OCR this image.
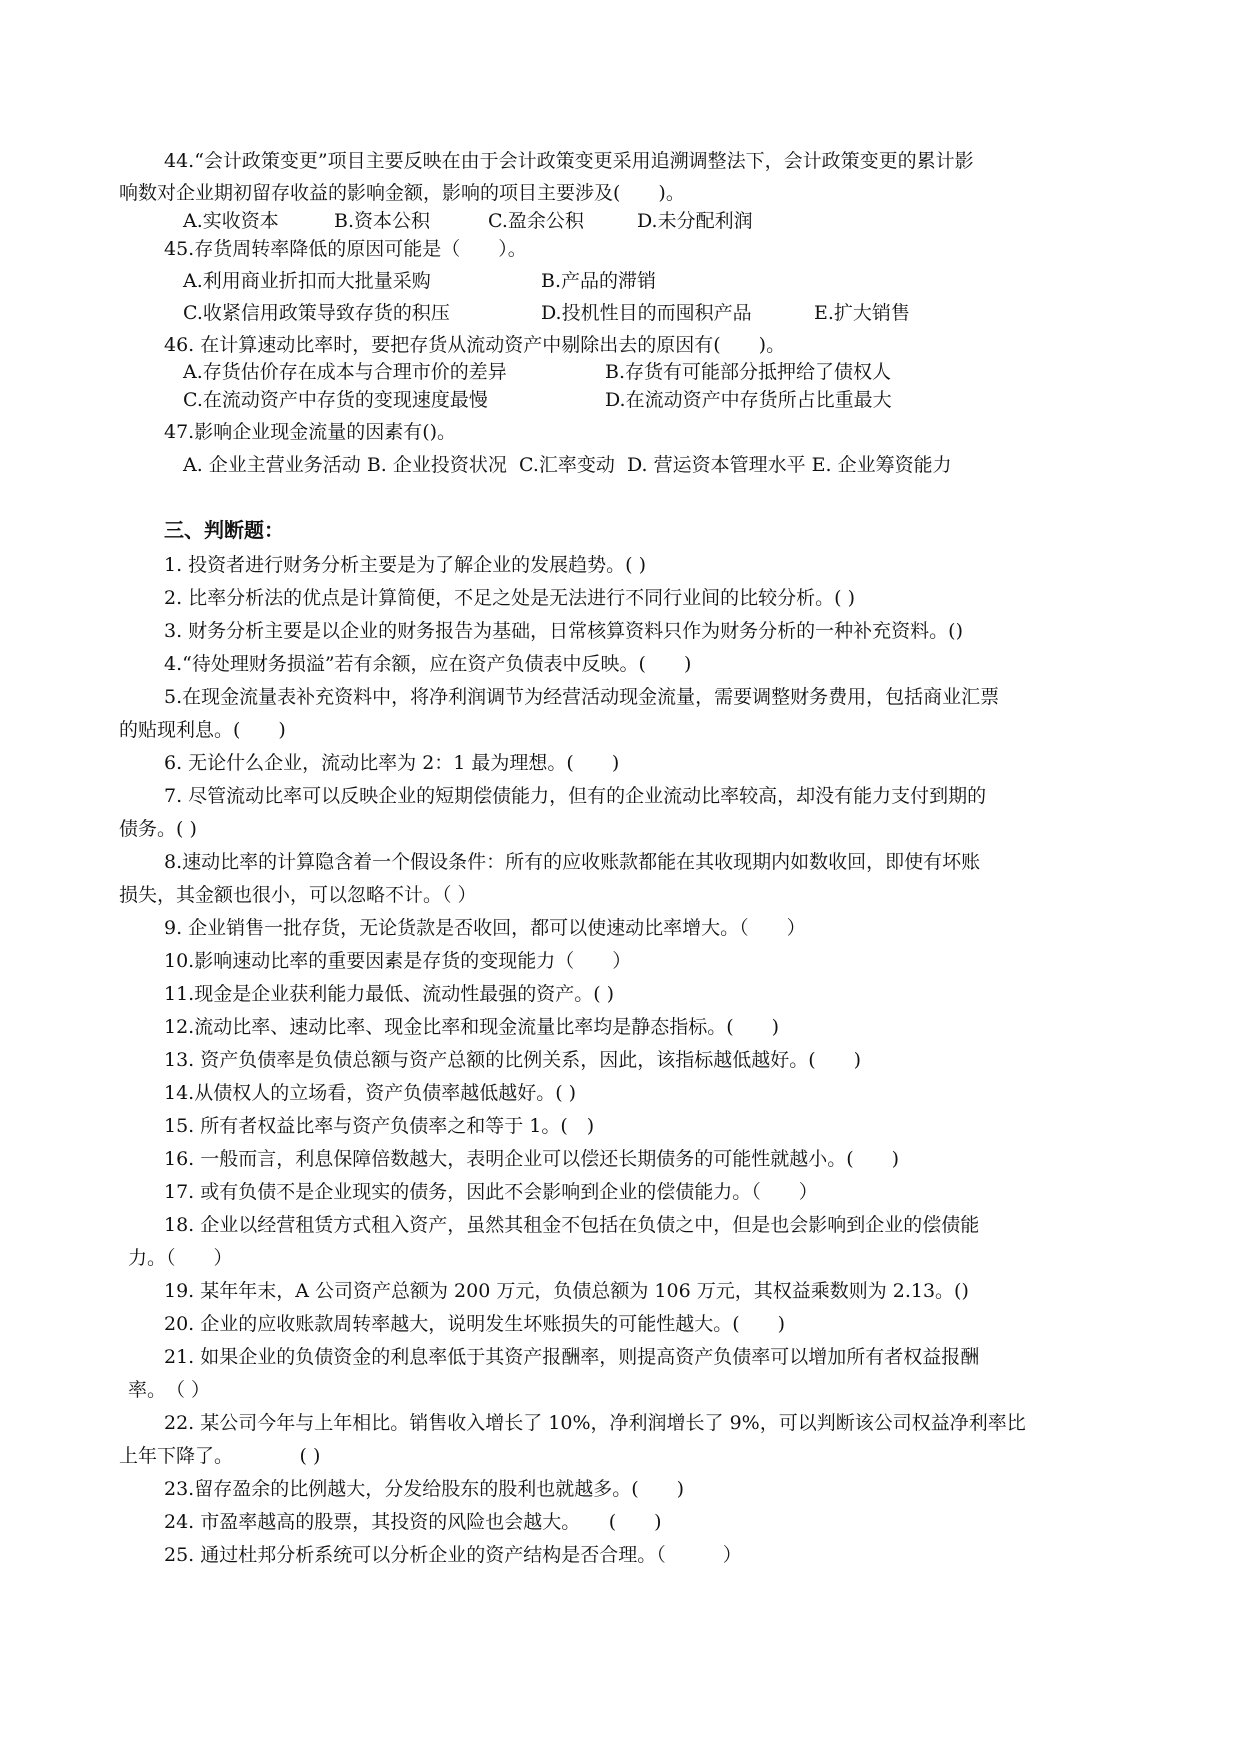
44.“会计政策变更”项目主要反映在由于会计政策变更采用追溯调整法下，会计政策变更的累计影
响数对企业期初留存收益的影响金额，影响的项目主要涉及(　　)。
A.实收资本	B.资本公积	C.盈余公积	D.未分配利润
45.存货周转率降低的原因可能是（　　）。
A.利用商业折扣而大批量采购	B.产品的滞销
C.收紧信用政策导致存货的积压	D.投机性目的而囤积产品	E.扩大销售
46. 在计算速动比率时，要把存货从流动资产中剔除出去的原因有(　　)。
A.存货估价存在成本与合理市价的差异	B.存货有可能部分抵押给了债权人
C.在流动资产中存货的变现速度最慢	D.在流动资产中存货所占比重最大
47.影响企业现金流量的因素有()。
A. 企业主营业务活动 B. 企业投资状况  C.汇率变动  D. 营运资本管理水平 E. 企业筹资能力
三、判断题：
1. 投资者进行财务分析主要是为了解企业的发展趋势。( )
2. 比率分析法的优点是计算简便，不足之处是无法进行不同行业间的比较分析。( )
3. 财务分析主要是以企业的财务报告为基础，日常核算资料只作为财务分析的一种补充资料。()
4.“待处理财务损溢”若有余额，应在资产负债表中反映。(　　)
5.在现金流量表补充资料中，将净利润调节为经营活动现金流量，需要调整财务费用，包括商业汇票
的贴现利息。(　　)
6. 无论什么企业，流动比率为 2：1 最为理想。(　　)
7. 尽管流动比率可以反映企业的短期偿债能力，但有的企业流动比率较高，却没有能力支付到期的
债务。( )
8.速动比率的计算隐含着一个假设条件：所有的应收账款都能在其收现期内如数收回，即使有坏账
损失，其金额也很小，可以忽略不计。（ ）
9. 企业销售一批存货，无论货款是否收回，都可以使速动比率增大。（　　）
10.影响速动比率的重要因素是存货的变现能力（　　）
11.现金是企业获利能力最低、流动性最强的资产。( )
12.流动比率、速动比率、现金比率和现金流量比率均是静态指标。(　　)
13. 资产负债率是负债总额与资产总额的比例关系，因此，该指标越低越好。(　　)
14.从债权人的立场看，资产负债率越低越好。( )
15. 所有者权益比率与资产负债率之和等于 1。(　)
16. 一般而言，利息保障倍数越大，表明企业可以偿还长期债务的可能性就越小。(　　)
17. 或有负债不是企业现实的债务，因此不会影响到企业的偿债能力。（　　）
18. 企业以经营租赁方式租入资产，虽然其租金不包括在负债之中，但是也会影响到企业的偿债能
力。（　　）
19. 某年年末，A 公司资产总额为 200 万元，负债总额为 106 万元，其权益乘数则为 2.13。()
20. 企业的应收账款周转率越大，说明发生坏账损失的可能性越大。(　　)
21. 如果企业的负债资金的利息率低于其资产报酬率，则提高资产负债率可以增加所有者权益报酬
率。　（ ）
22. 某公司今年与上年相比。销售收入增长了 10%，净利润增长了 9%，可以判断该公司权益净利率比
上年下降了。　　　　( )
23.留存盈余的比例越大，分发给股东的股利也就越多。(　　)
24. 市盈率越高的股票，其投资的风险也会越大。　　(　　)
25. 通过杜邦分析系统可以分析企业的资产结构是否合理。（　　　）
